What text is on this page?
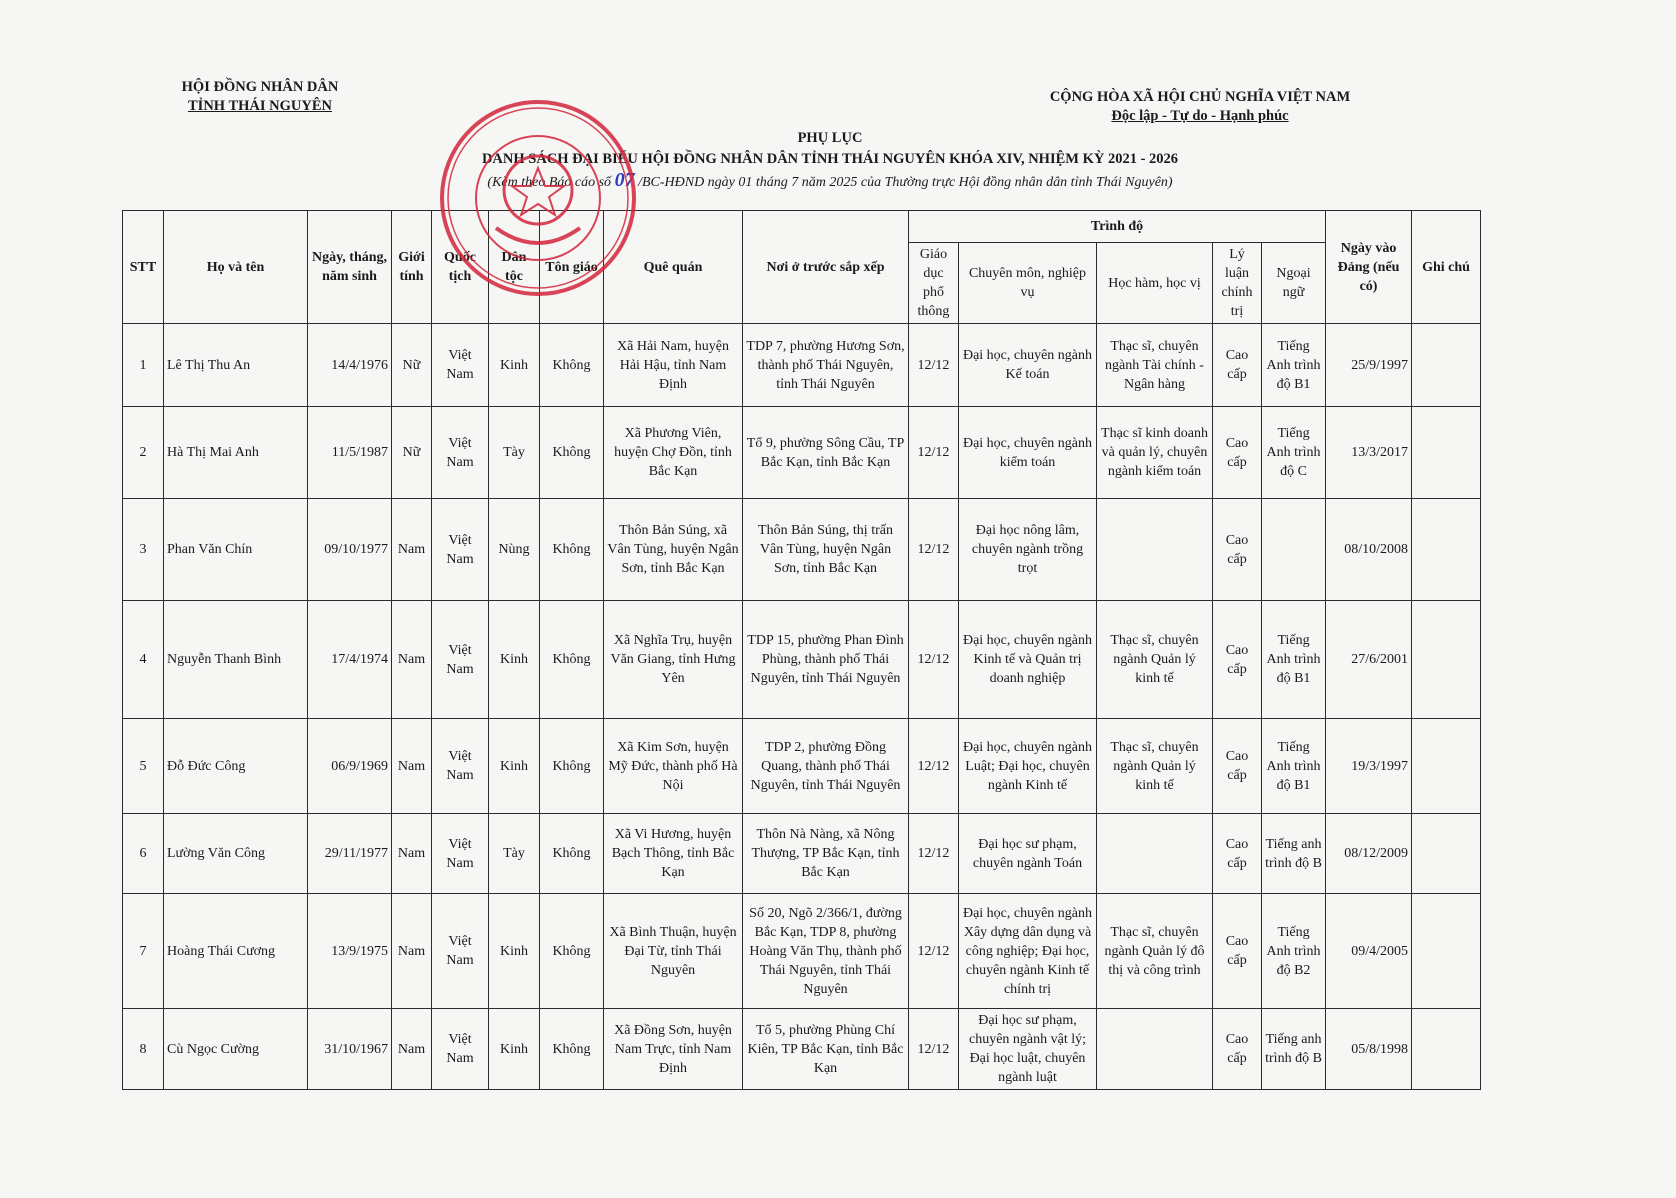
HỘI ĐỒNG NHÂN DÂN
TỈNH THÁI NGUYÊN
CỘNG HÒA XÃ HỘI CHỦ NGHĨA VIỆT NAM
Độc lập - Tự do - Hạnh phúc
PHỤ LỤC
DANH SÁCH ĐẠI BIỂU HỘI ĐỒNG NHÂN DÂN TỈNH THÁI NGUYÊN KHÓA XIV, NHIỆM KỲ 2021 - 2026
(Kèm theo Báo cáo số 07 /BC-HĐND ngày 01 tháng 7 năm 2025 của Thường trực Hội đồng nhân dân tỉnh Thái Nguyên)
STT	Họ và tên	Ngày, tháng, năm sinh	Giới tính	Quốc tịch	Dân tộc	Tôn giáo	Quê quán	Nơi ở trước sắp xếp	Trình độ					Ngày vào Đảng (nếu có)	Ghi chú
									Giáo dục phổ thông	Chuyên môn, nghiệp vụ	Học hàm, học vị	Lý luận chính trị	Ngoại ngữ		
1	Lê Thị Thu An	14/4/1976	Nữ	Việt Nam	Kinh	Không	Xã Hải Nam, huyện Hải Hậu, tỉnh Nam Định	TDP 7, phường Hương Sơn, thành phố Thái Nguyên, tỉnh Thái Nguyên	12/12	Đại học, chuyên ngành Kế toán	Thạc sĩ, chuyên ngành Tài chính - Ngân hàng	Cao cấp	Tiếng Anh trình độ B1	25/9/1997	
2	Hà Thị Mai Anh	11/5/1987	Nữ	Việt Nam	Tày	Không	Xã Phương Viên, huyện Chợ Đồn, tỉnh Bắc Kạn	Tổ 9, phường Sông Cầu, TP Bắc Kạn, tỉnh Bắc Kạn	12/12	Đại học, chuyên ngành kiểm toán	Thạc sĩ kinh doanh và quản lý, chuyên ngành kiểm toán	Cao cấp	Tiếng Anh trình độ C	13/3/2017	
3	Phan Văn Chín	09/10/1977	Nam	Việt Nam	Nùng	Không	Thôn Bản Súng, xã Vân Tùng, huyện Ngân Sơn, tỉnh Bắc Kạn	Thôn Bản Súng, thị trấn Vân Tùng, huyện Ngân Sơn, tỉnh Bắc Kạn	12/12	Đại học nông lâm, chuyên ngành trồng trọt		Cao cấp		08/10/2008	
4	Nguyễn Thanh Bình	17/4/1974	Nam	Việt Nam	Kinh	Không	Xã Nghĩa Trụ, huyện Văn Giang, tỉnh Hưng Yên	TDP 15, phường Phan Đình Phùng, thành phố Thái Nguyên, tỉnh Thái Nguyên	12/12	Đại học, chuyên ngành Kinh tế và Quản trị doanh nghiệp	Thạc sĩ, chuyên ngành Quản lý kinh tế	Cao cấp	Tiếng Anh trình độ B1	27/6/2001	
5	Đỗ Đức Công	06/9/1969	Nam	Việt Nam	Kinh	Không	Xã Kim Sơn, huyện Mỹ Đức, thành phố Hà Nội	TDP 2, phường Đồng Quang, thành phố Thái Nguyên, tỉnh Thái Nguyên	12/12	Đại học, chuyên ngành Luật; Đại học, chuyên ngành Kinh tế	Thạc sĩ, chuyên ngành Quản lý kinh tế	Cao cấp	Tiếng Anh trình độ B1	19/3/1997	
6	Lường Văn Công	29/11/1977	Nam	Việt Nam	Tày	Không	Xã Vi Hương, huyện Bạch Thông, tỉnh Bắc Kạn	Thôn Nà Nàng, xã Nông Thượng, TP Bắc Kạn, tỉnh Bắc Kạn	12/12	Đại học sư phạm, chuyên ngành Toán		Cao cấp	Tiếng anh trình độ B	08/12/2009	
7	Hoàng Thái Cương	13/9/1975	Nam	Việt Nam	Kinh	Không	Xã Bình Thuận, huyện Đại Từ, tỉnh Thái Nguyên	Số 20, Ngõ 2/366/1, đường Bắc Kạn, TDP 8, phường Hoàng Văn Thụ, thành phố Thái Nguyên, tỉnh Thái Nguyên	12/12	Đại học, chuyên ngành Xây dựng dân dụng và công nghiệp; Đại học, chuyên ngành Kinh tế chính trị	Thạc sĩ, chuyên ngành Quản lý đô thị và công trình	Cao cấp	Tiếng Anh trình độ B2	09/4/2005	
8	Cù Ngọc Cường	31/10/1967	Nam	Việt Nam	Kinh	Không	Xã Đồng Sơn, huyện Nam Trực, tỉnh Nam Định	Tổ 5, phường Phùng Chí Kiên, TP Bắc Kạn, tỉnh Bắc Kạn	12/12	Đại học sư phạm, chuyên ngành vật lý; Đại học luật, chuyên ngành luật		Cao cấp	Tiếng anh trình độ B	05/8/1998	
